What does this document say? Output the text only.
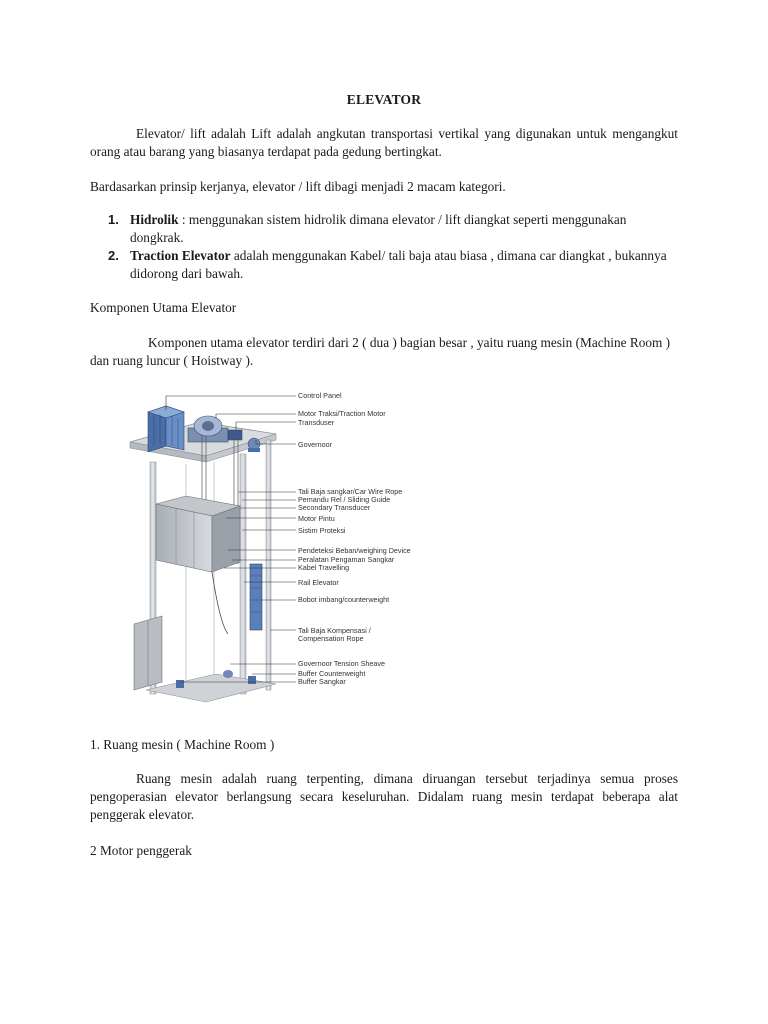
ELEVATOR

Elevator/ lift adalah Lift adalah angkutan transportasi vertikal yang digunakan untuk mengangkut orang atau barang yang biasanya terdapat pada gedung bertingkat.

Bardasarkan prinsip kerjanya, elevator / lift dibagi menjadi 2 macam kategori.

1. Hidrolik : menggunakan sistem hidrolik dimana elevator / lift diangkat seperti menggunakan dongkrak.
2. Traction Elevator adalah menggunakan Kabel/ tali baja atau biasa , dimana car diangkat , bukannya didorong dari bawah.

Komponen Utama Elevator

Komponen utama elevator terdiri dari 2 ( dua ) bagian besar , yaitu ruang mesin (Machine Room ) dan ruang luncur ( Hoistway ).

Control Panel
Motor Traksi/Traction Motor
Transduser
Governoor
Tali Baja sangkar/Car Wire Rope
Pemandu Rel / Sliding Guide
Secondary Transducer
Motor Pintu
Sistim Proteksi
Pendeteksi Beban/weighing Device
Peralatan Pengaman Sangkar
Kabel Travelling
Rail Elevator
Bobot imbang/counterweight
Tali Baja Kompensasi /
Compensation Rope
Governoor Tension Sheave
Buffer Counterweight
Buffer Sangkar

1. Ruang mesin ( Machine Room )

Ruang mesin adalah ruang terpenting, dimana diruangan tersebut terjadinya semua proses pengoperasian elevator berlangsung secara keseluruhan. Didalam ruang mesin terdapat beberapa alat penggerak elevator.

2 Motor penggerak
